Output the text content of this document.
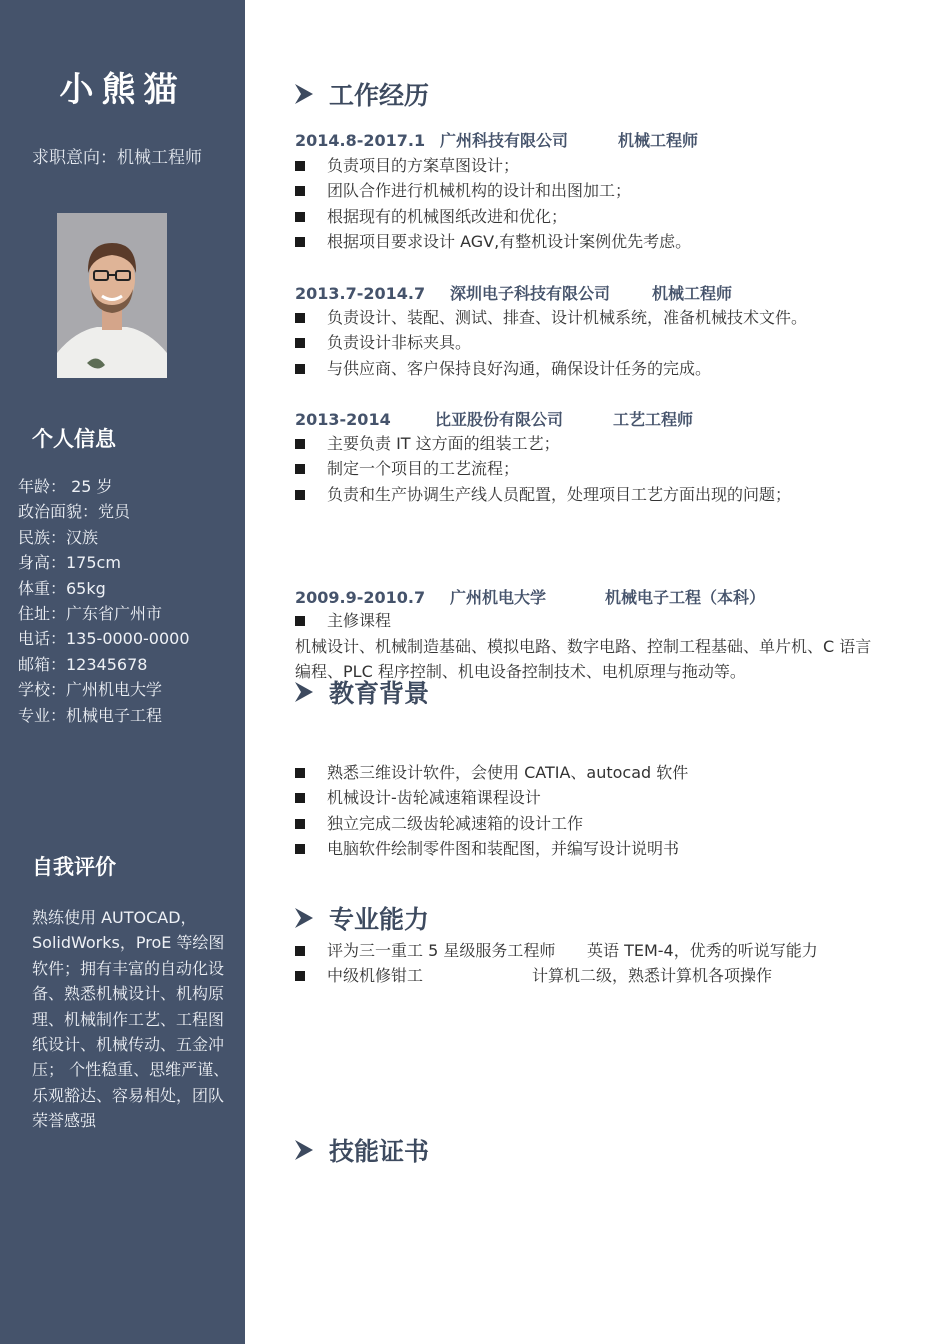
小熊猫
求职意向：机械工程师
个人信息
年龄： 25 岁
政治面貌：党员
民族：汉族
身高：175cm
体重：65kg
住址：广东省广州市
电话：135-0000-0000
邮箱：12345678
学校：广州机电大学
专业：机械电子工程
自我评价
熟练使用 AUTOCAD，SolidWorks，ProE 等绘图软件；拥有丰富的自动化设备、熟悉机械设计、机构原理、机械制作工艺、工程图纸设计、机械传动、五金冲压； 个性稳重、思维严谨、乐观豁达、容易相处，团队荣誉感强
工作经历
2014.8-2017.1 广州科技有限公司	机械工程师
负责项目的方案草图设计；
团队合作进行机械机构的设计和出图加工；
根据现有的机械图纸改进和优化；
根据项目要求设计 AGV,有整机设计案例优先考虑。
2013.7-2014.7 深圳电子科技有限公司	机械工程师
负责设计、装配、测试、排查、设计机械系统，准备机械技术文件。
负责设计非标夹具。
与供应商、客户保持良好沟通，确保设计任务的完成。
2013-2014	比亚股份有限公司	工艺工程师
主要负责 IT 这方面的组装工艺；
制定一个项目的工艺流程；
负责和生产协调生产线人员配置，处理项目工艺方面出现的问题；
2009.9-2010.7 广州机电大学	机械电子工程（本科）
主修课程
机械设计、机械制造基础、模拟电路、数字电路、控制工程基础、单片机、C 语言编程、PLC 程序控制、机电设备控制技术、电机原理与拖动等。
教育背景
熟悉三维设计软件，会使用 CATIA、autocad 软件
机械设计-齿轮减速箱课程设计
独立完成二级齿轮减速箱的设计工作
电脑软件绘制零件图和装配图，并编写设计说明书
专业能力
评为三一重工 5 星级服务工程师	英语 TEM-4，优秀的听说写能力
中级机修钳工	计算机二级，熟悉计算机各项操作
技能证书
